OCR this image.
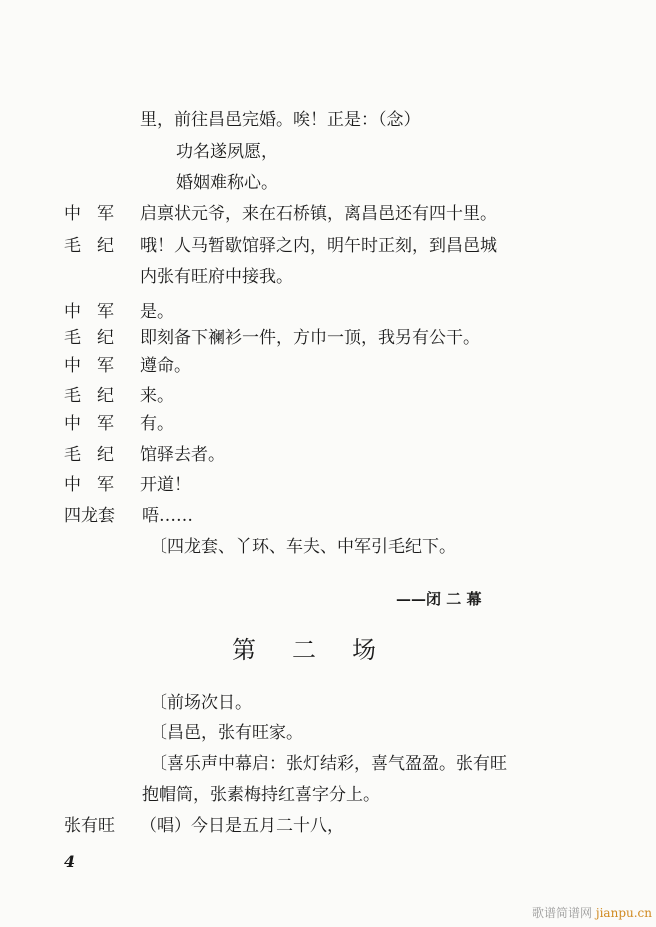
里，前往昌邑完婚。唉！正是：（念）
功名遂夙愿，
婚姻难称心。
中 军 启禀状元爷，来在石桥镇，离昌邑还有四十里。
毛 纪 哦！人马暂歇馆驿之内，明午时正刻，到昌邑城
内张有旺府中接我。
中 军 是。
毛 纪 即刻备下襕衫一件，方巾一顶，我另有公干。
中 军 遵命。
毛 纪 来。
中 军 有。
毛 纪 馆驿去者。
中 军 开道！
四龙套 唔……
〔四龙套、丫环、车夫、中军引毛纪下。
——闭 二 幕
第二场
〔前场次日。
〔昌邑，张有旺家。
〔喜乐声中幕启：张灯结彩，喜气盈盈。张有旺
抱帽筒，张素梅持红喜字分上。
张有旺 （唱）今日是五月二十八，
4
歌谱简谱网 jianpu.cn
